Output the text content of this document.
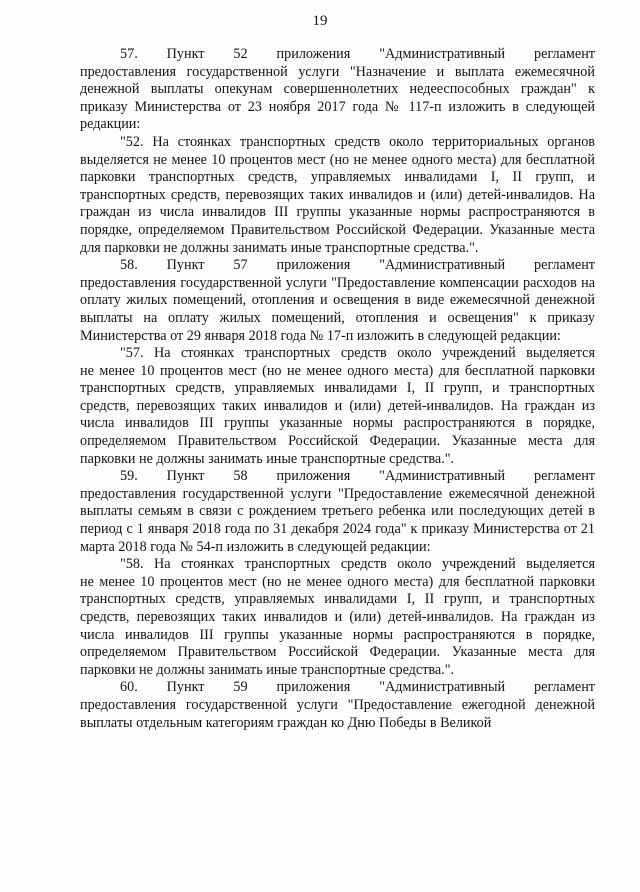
19

57. Пункт 52 приложения "Административный регламент
предоставления государственной услуги "Назначение и выплата ежемесячной денежной выплаты опекунам совершеннолетних недееспособных граждан" к приказу Министерства от 23 ноября 2017 года № 117-п изложить в следующей редакции:

"52. На стоянках транспортных средств около территориальных органов
выделяется не менее 10 процентов мест (но не менее одного места) для бесплатной парковки транспортных средств, управляемых инвалидами I, II групп, и транспортных средств, перевозящих таких инвалидов и (или) детей-инвалидов. На граждан из числа инвалидов III группы указанные нормы распространяются в порядке, определяемом Правительством Российской Федерации. Указанные места для парковки не должны занимать иные транспортные средства.".

58. Пункт 57 приложения "Административный регламент
предоставления государственной услуги "Предоставление компенсации расходов на оплату жилых помещений, отопления и освещения в виде ежемесячной денежной выплаты на оплату жилых помещений, отопления и освещения" к приказу Министерства от 29 января 2018 года № 17-п изложить в следующей редакции:

"57. На стоянках транспортных средств около учреждений выделяется
не менее 10 процентов мест (но не менее одного места) для бесплатной парковки транспортных средств, управляемых инвалидами I, II групп, и транспортных средств, перевозящих таких инвалидов и (или) детей-инвалидов. На граждан из числа инвалидов III группы указанные нормы распространяются в порядке, определяемом Правительством Российской Федерации. Указанные места для парковки не должны занимать иные транспортные средства.".

59. Пункт 58 приложения "Административный регламент
предоставления государственной услуги "Предоставление ежемесячной денежной выплаты семьям в связи с рождением третьего ребенка или последующих детей в период с 1 января 2018 года по 31 декабря 2024 года" к приказу Министерства от 21 марта 2018 года № 54-п изложить в следующей редакции:

"58. На стоянках транспортных средств около учреждений выделяется
не менее 10 процентов мест (но не менее одного места) для бесплатной парковки транспортных средств, управляемых инвалидами I, II групп, и транспортных средств, перевозящих таких инвалидов и (или) детей-инвалидов. На граждан из числа инвалидов III группы указанные нормы распространяются в порядке, определяемом Правительством Российской Федерации. Указанные места для парковки не должны занимать иные транспортные средства.".

60. Пункт 59 приложения "Административный регламент
предоставления государственной услуги "Предоставление ежегодной денежной выплаты отдельным категориям граждан ко Дню Победы в Великой
